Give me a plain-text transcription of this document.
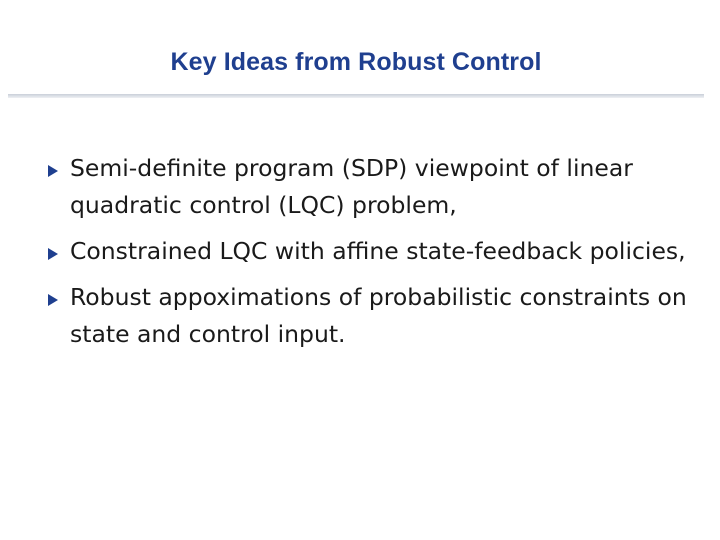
Key Ideas from Robust Control
Semi-definite program (SDP) viewpoint of linear quadratic control (LQC) problem,
Constrained LQC with affine state-feedback policies,
Robust appoximations of probabilistic constraints on state and control input.
